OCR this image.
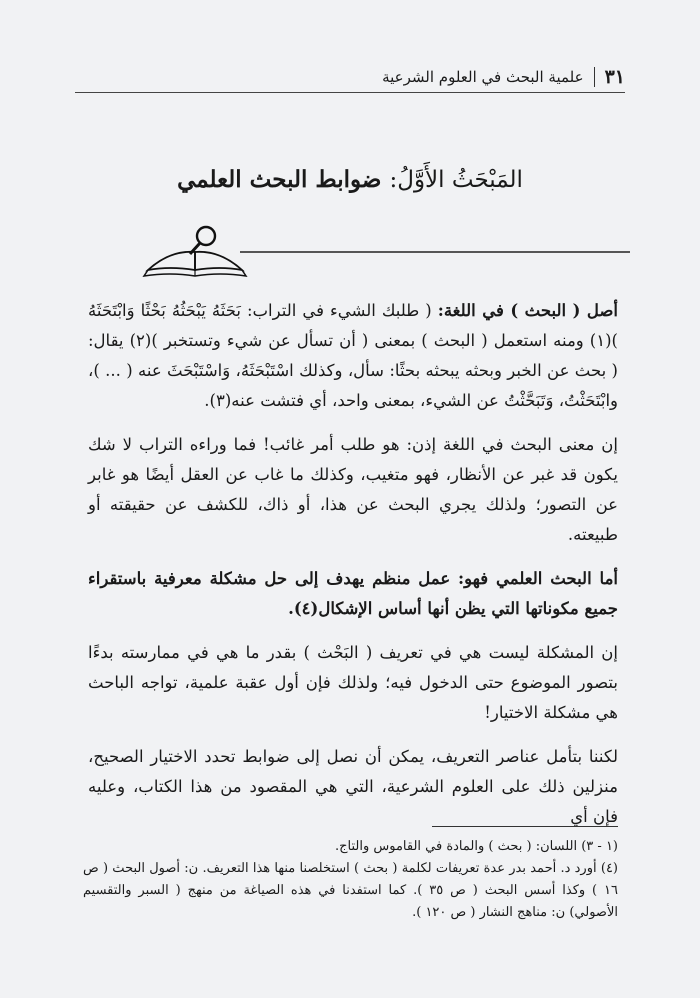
٣١
علمية البحث في العلوم الشرعية
المَبْحَثُ الأَوَّلُ: ضوابط البحث العلمي

أصل ( البحث ) في اللغة: ( طلبك الشيء في التراب: بَحَثَهُ يَبْحَثُهُ بَحْثًا وَابْتَحَثَهُ )(١) ومنه استعمل ( البحث ) بمعنى ( أن تسأل عن شيء وتستخبر )(٢) يقال: ( بحث عن الخبر وبحثه يبحثه بحثًا: سأل، وكذلك اسْتَبْحَثَهُ، وَاسْتَبْحَثَ عنه ( ... )، وابْتَحَثْتُ، وَتَبَحَّثْتُ عن الشيء، بمعنى واحد، أي فتشت عنه(٣).

إن معنى البحث في اللغة إذن: هو طلب أمر غائب! فما وراءه التراب لا شك يكون قد غبر عن الأنظار، فهو متغيب، وكذلك ما غاب عن العقل أيضًا هو غابر عن التصور؛ ولذلك يجري البحث عن هذا، أو ذاك، للكشف عن حقيقته أو طبيعته.

أما البحث العلمي فهو: عمل منظم يهدف إلى حل مشكلة معرفية باستقراء جميع مكوناتها التي يظن أنها أساس الإشكال(٤).

إن المشكلة ليست هي في تعريف ( البَحْث ) بقدر ما هي في ممارسته بدءًا بتصور الموضوع حتى الدخول فيه؛ ولذلك فإن أول عقبة علمية، تواجه الباحث هي مشكلة الاختيار!

لكننا بتأمل عناصر التعريف، يمكن أن نصل إلى ضوابط تحدد الاختيار الصحيح، منزلين ذلك على العلوم الشرعية، التي هي المقصود من هذا الكتاب، وعليه فإن أي

(١ - ٣) اللسان: ( بحث ) والمادة في القاموس والتاج.

(٤) أورد د. أحمد بدر عدة تعريفات لكلمة ( بحث ) استخلصنا منها هذا التعريف. ن: أصول البحث ( ص ١٦ ) وكذا أسس البحث ( ص ٣٥ ). كما استفدنا في هذه الصياغة من منهج ( السبر والتقسيم الأصولي) ن: مناهج النشار ( ص ١٢٠ ).
